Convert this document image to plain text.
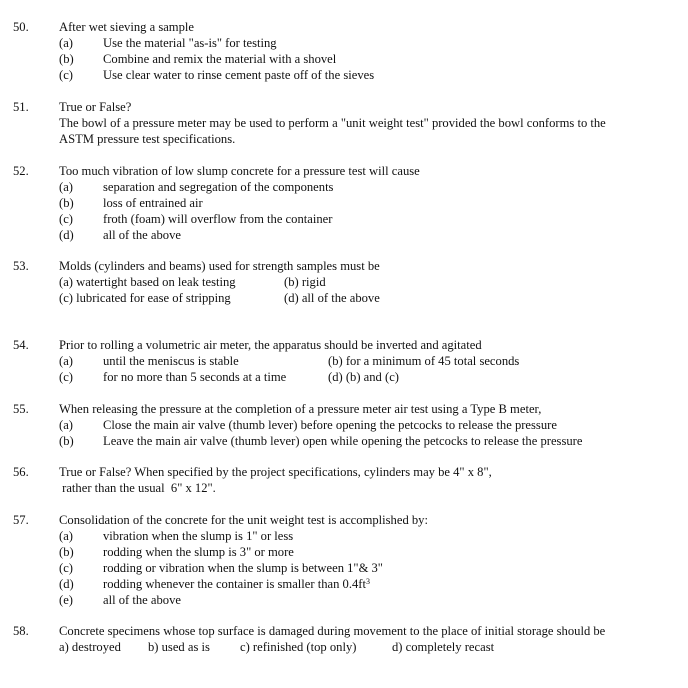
50. After wet sieving a sample
(a) Use the material "as-is" for testing
(b) Combine and remix the material with a shovel
(c) Use clear water to rinse cement paste off of the sieves
51. True or False?
The bowl of a pressure meter may be used to perform a "unit weight test" provided the bowl conforms to the
ASTM pressure test specifications.
52. Too much vibration of low slump concrete for a pressure test will cause
(a) separation and segregation of the components
(b) loss of entrained air
(c) froth (foam) will overflow from the container
(d) all of the above
53. Molds (cylinders and beams) used for strength samples must be
(a) watertight based on leak testing	(b) rigid
(c) lubricated for ease of stripping	(d) all of the above
54. Prior to rolling a volumetric air meter, the apparatus should be inverted and agitated
(a) until the meniscus is stable	(b) for a minimum of 45 total seconds
(c) for no more than 5 seconds at a time	(d) (b) and (c)
55. When releasing the pressure at the completion of a pressure meter air test using a Type B meter,
(a) Close the main air valve (thumb lever) before opening the petcocks to release the pressure
(b) Leave the main air valve (thumb lever) open while opening the petcocks to release the pressure
56. True or False? When specified by the project specifications, cylinders may be 4" x 8",
rather than the usual  6" x 12".
57. Consolidation of the concrete for the unit weight test is accomplished by:
(a) vibration when the slump is 1" or less
(b) rodding when the slump is 3" or more
(c) rodding or vibration when the slump is between 1"& 3"
(d) rodding whenever the container is smaller than $0.4ft^3$
(e) all of the above
58. Concrete specimens whose top surface is damaged during movement to the place of initial storage should be
a) destroyed b) used as is c) refinished (top only)	d) completely recast
